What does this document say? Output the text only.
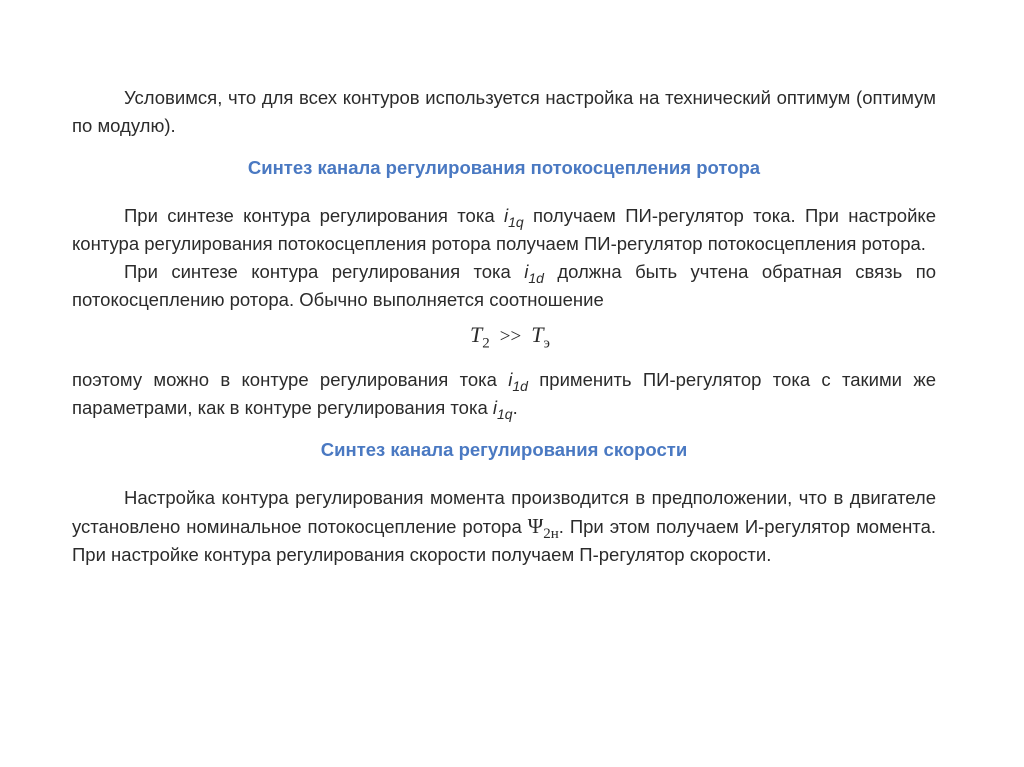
Условимся, что для всех контуров используется настройка на технический оптимум (оптимум по модулю).

Синтез канала регулирования потокосцепления ротора

При синтезе контура регулирования тока $i_{1q}$ получаем ПИ-регулятор тока. При настройке контура регулирования потокосцепления ротора получаем ПИ-регулятор потокосцепления ротора.

При синтезе контура регулирования тока $i_{1d}$ должна быть учтена обратная связь по потокосцеплению ротора. Обычно выполняется соотношение

$T_2 >> T_э$

поэтому можно в контуре регулирования тока $i_{1d}$ применить ПИ-регулятор тока с такими же параметрами, как в контуре регулирования тока $i_{1q}$.

Синтез канала регулирования скорости

Настройка контура регулирования момента производится в предположении, что в двигателе установлено номинальное потокосцепление ротора $\Psi_{2н}$. При этом получаем И-регулятор момента. При настройке контура регулирования скорости получаем П-регулятор скорости.
